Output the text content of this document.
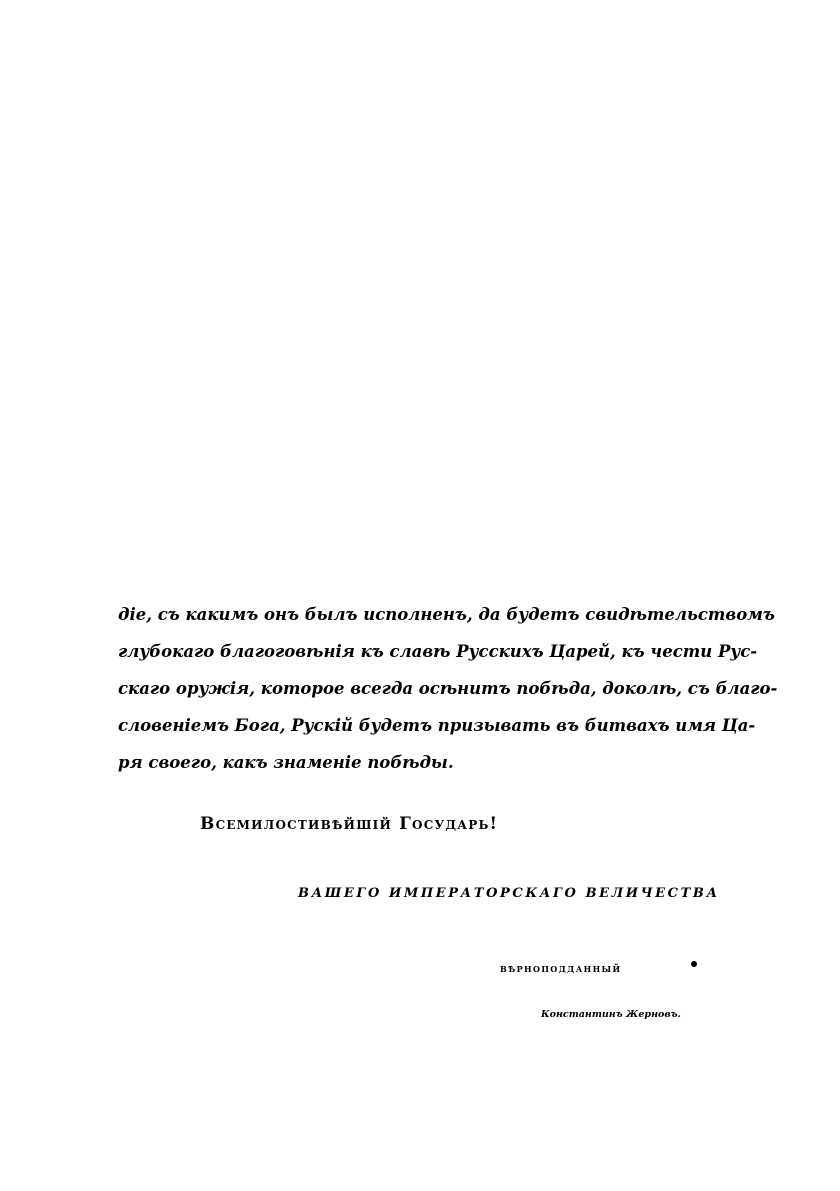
діе, съ какимъ онъ былъ исполненъ, да будетъ свидѣтельствомъ
глубокаго благоговѣнія къ славѣ Русскихъ Царей, къ чести Рус-
скаго оружія, которое всегда осѣнитъ побѣда, доколѣ, съ благо-
словеніемъ Бога, Рускій будетъ призывать въ битвахъ имя Ца-
ря своего, какъ знаменіе побѣды.
Всемилостивѣйшій Государь!
ВАШЕГО ИМПЕРАТОРСКАГО ВЕЛИЧЕСТВА
ВѢРНОПОДДАННЫЙ
Константинъ Жерновъ.
